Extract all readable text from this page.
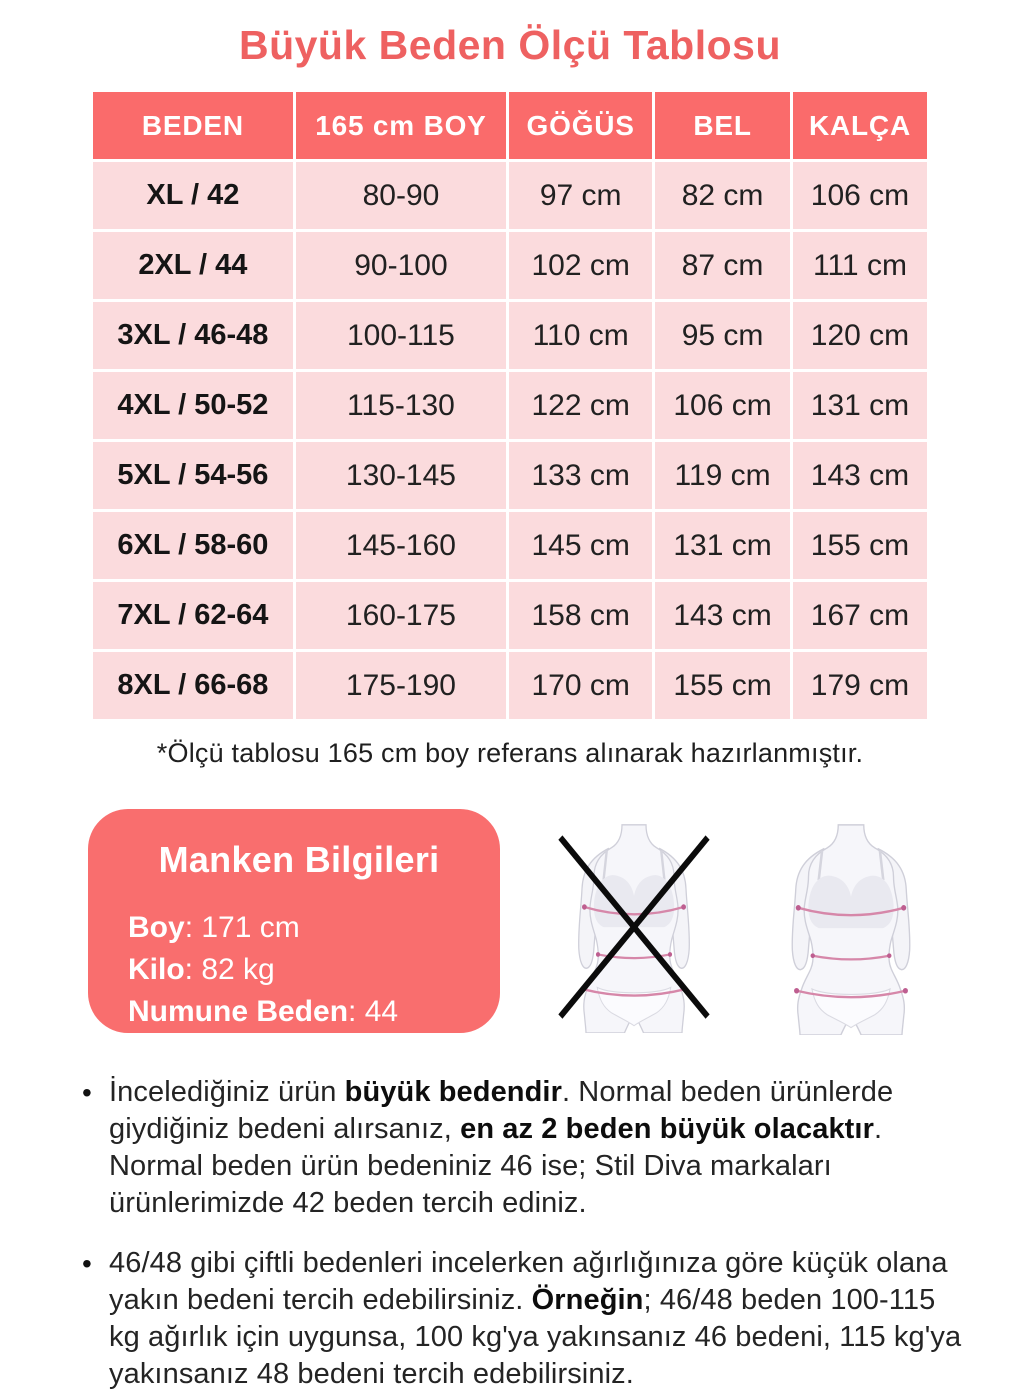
Büyük Beden Ölçü Tablosu
BEDEN	165 cm BOY	GÖĞÜS	BEL	KALÇA
XL / 42	80-90	97 cm	82 cm	106 cm
2XL / 44	90-100	102 cm	87 cm	111 cm
3XL / 46-48	100-115	110 cm	95 cm	120 cm
4XL / 50-52	115-130	122 cm	106 cm	131 cm
5XL / 54-56	130-145	133 cm	119 cm	143 cm
6XL / 58-60	145-160	145 cm	131 cm	155 cm
7XL / 62-64	160-175	158 cm	143 cm	167 cm
8XL / 66-68	175-190	170 cm	155 cm	179 cm
*Ölçü tablosu 165 cm boy referans alınarak hazırlanmıştır.
Manken Bilgileri
Boy: 171 cm
Kilo: 82 kg
Numune Beden: 44
• İncelediğiniz ürün büyük bedendir. Normal beden ürünlerde giydiğiniz bedeni alırsanız, en az 2 beden büyük olacaktır. Normal beden ürün bedeniniz 46 ise; Stil Diva markaları ürünlerimizde 42 beden tercih ediniz.

• 46/48 gibi çiftli bedenleri incelerken ağırlığınıza göre küçük olana yakın bedeni tercih edebilirsiniz. Örneğin; 46/48 beden 100-115 kg ağırlık için uygunsa, 100 kg'ya yakınsanız 46 bedeni, 115 kg'ya yakınsanız 48 bedeni tercih edebilirsiniz.
